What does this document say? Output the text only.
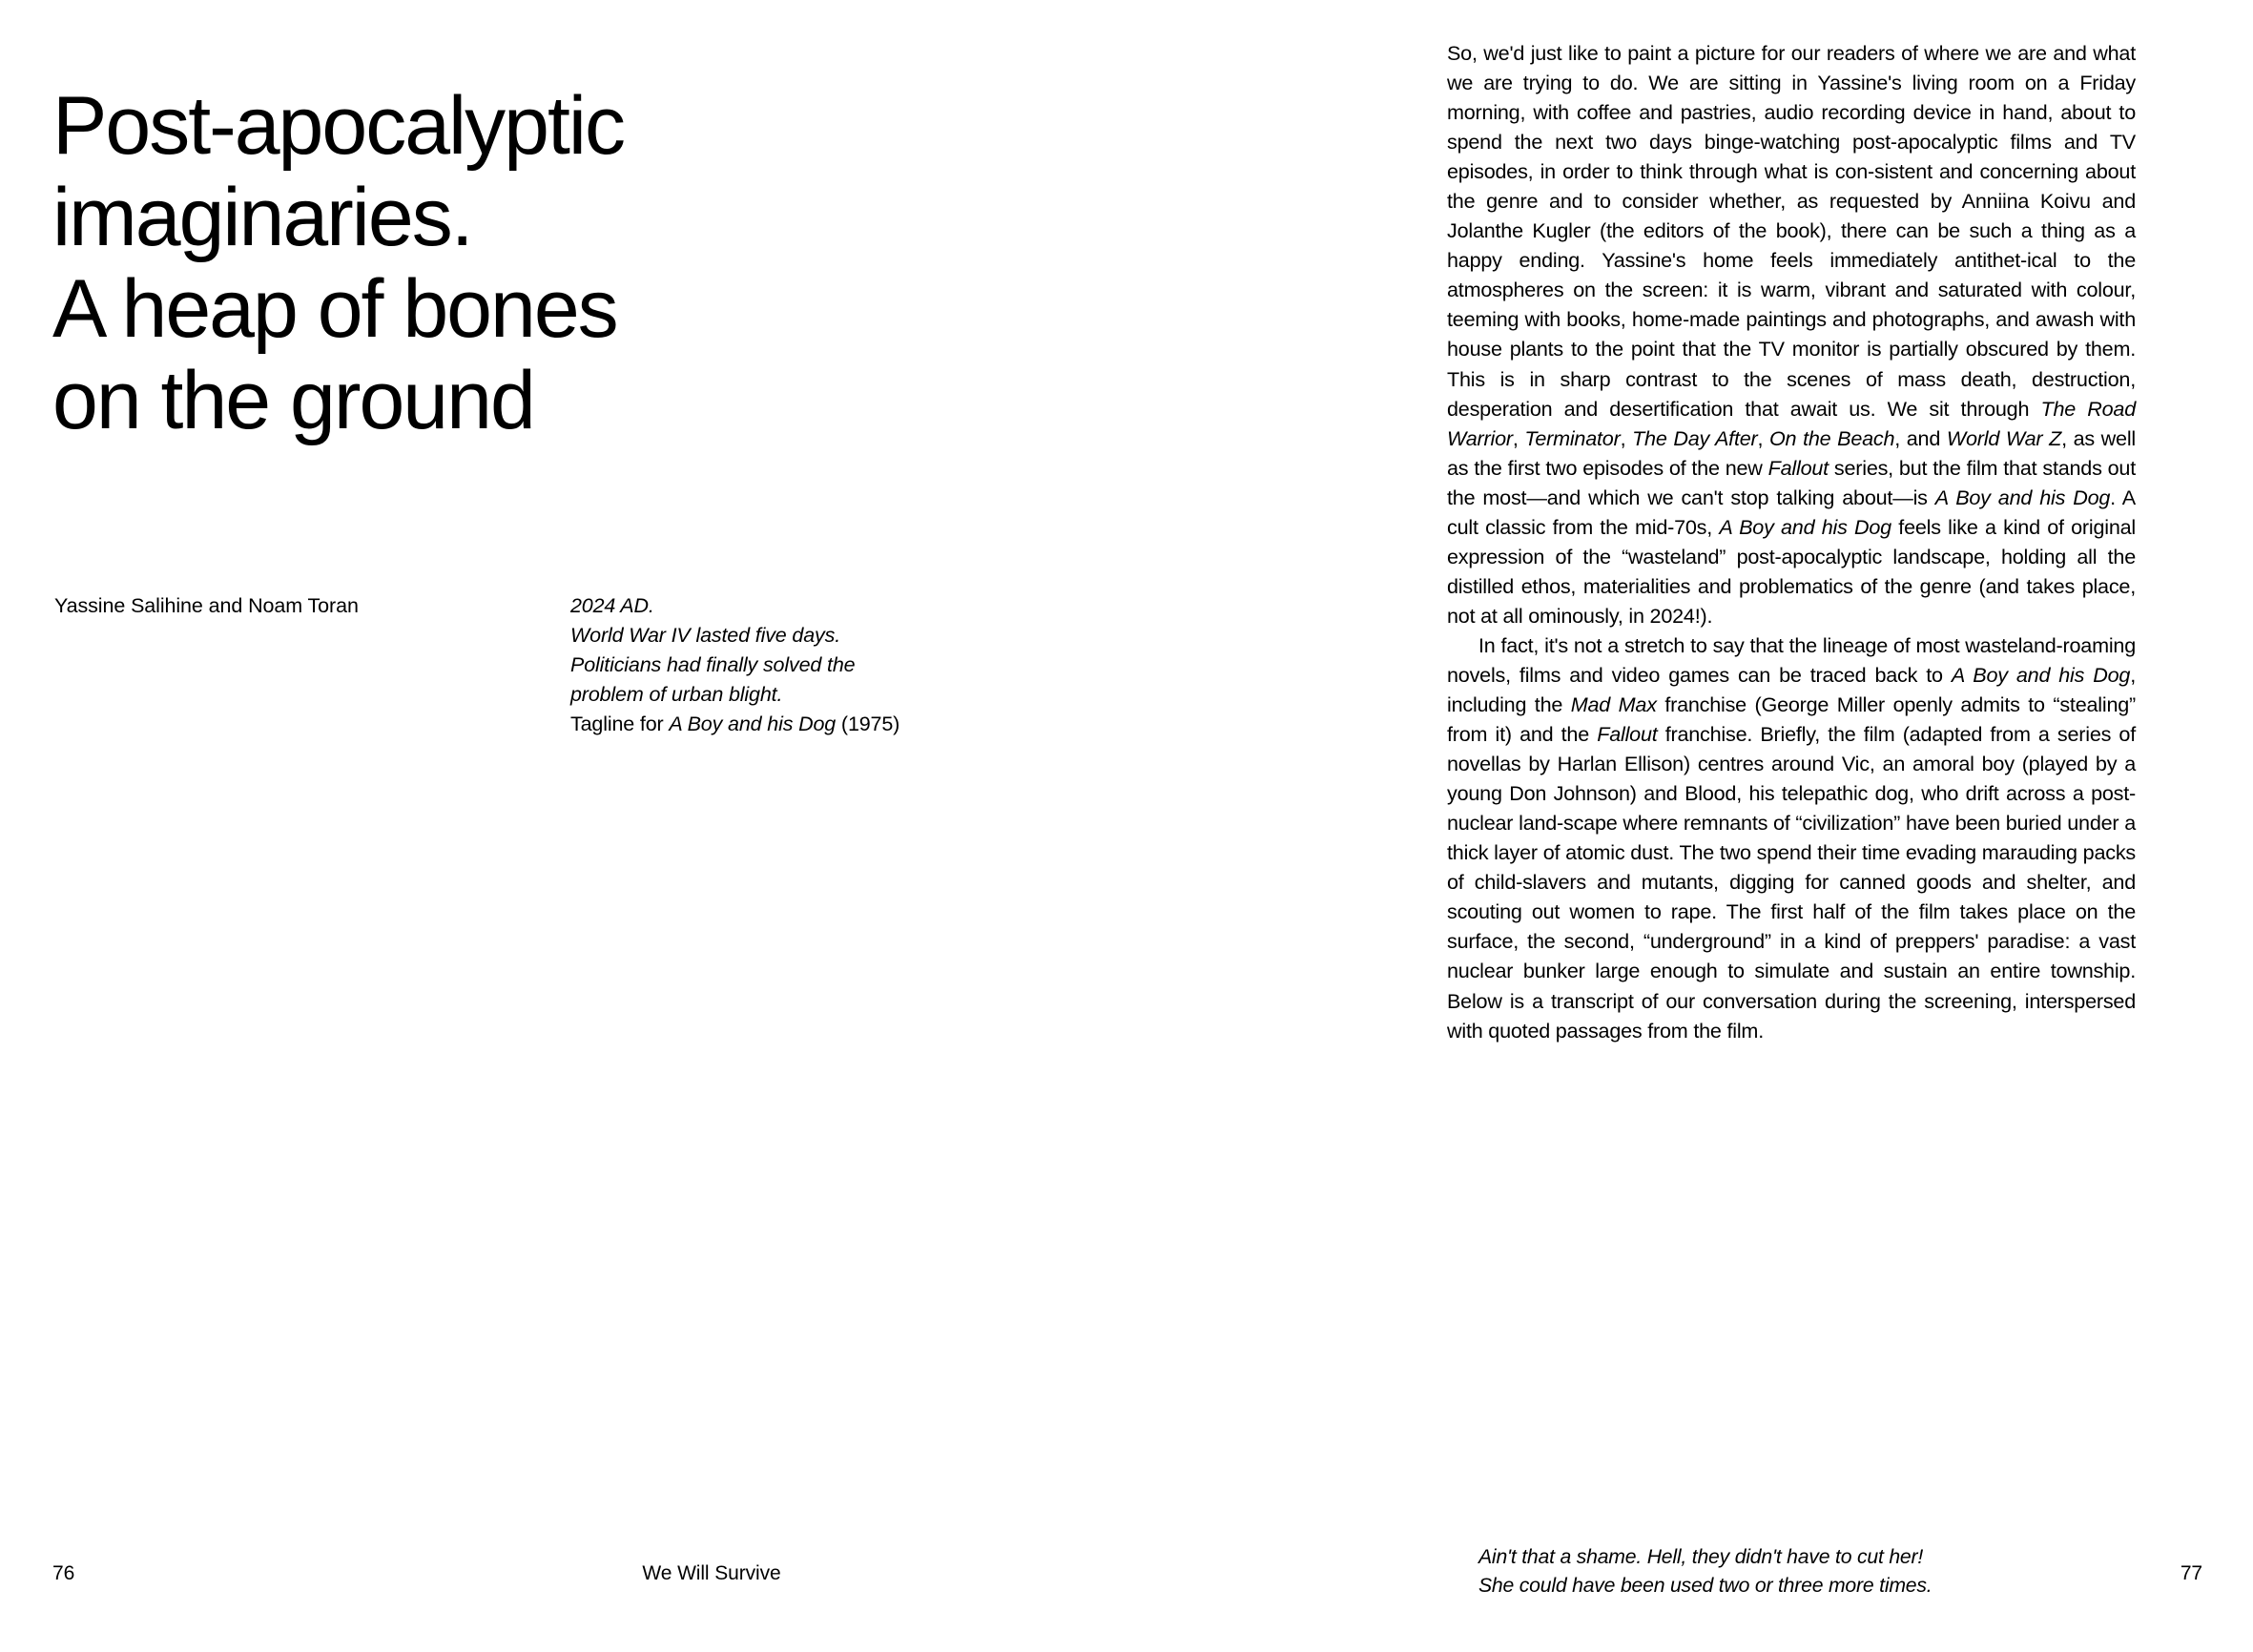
Post-apocalyptic
imaginaries.
A heap of bones
on the ground
Yassine Salihine and Noam Toran	2024 AD.
World War IV lasted five days.
Politicians had finally solved the
problem of urban blight.
Tagline for A Boy and his Dog (1975)
76	We Will Survive

So, we'd just like to paint a picture for our readers of where we are and what we are trying to do. We are sitting in Yassine's living room on a Friday morning, with coffee and pastries, audio recording device in hand, about to spend the next two days binge-watching post-apocalyptic films and TV episodes, in order to think through what is con-sistent and concerning about the genre and to consider whether, as requested by Anniina Koivu and Jolanthe Kugler (the editors of the book), there can be such a thing as a happy ending. Yassine's home feels immediately antithet-ical to the atmospheres on the screen: it is warm, vibrant and saturated with colour, teeming with books, home-made paintings and photographs, and awash with house plants to the point that the TV monitor is partially obscured by them. This is in sharp contrast to the scenes of mass death, destruction, desperation and desertification that await us. We sit through The Road Warrior, Terminator, The Day After, On the Beach, and World War Z, as well as the first two episodes of the new Fallout series, but the film that stands out the most—and which we can't stop talking about—is A Boy and his Dog. A cult classic from the mid-70s, A Boy and his Dog feels like a kind of original expression of the “wasteland” post-apocalyptic landscape, holding all the distilled ethos, materialities and problematics of the genre (and takes place, not at all ominously, in 2024!).

In fact, it's not a stretch to say that the lineage of most wasteland-roaming novels, films and video games can be traced back to A Boy and his Dog, including the Mad Max franchise (George Miller openly admits to “stealing” from it) and the Fallout franchise. Briefly, the film (adapted from a series of novellas by Harlan Ellison) centres around Vic, an amoral boy (played by a young Don Johnson) and Blood, his telepathic dog, who drift across a post-nuclear land-scape where remnants of “civilization” have been buried under a thick layer of atomic dust. The two spend their time evading marauding packs of child-slavers and mutants, digging for canned goods and shelter, and scouting out women to rape. The first half of the film takes place on the surface, the second, “underground” in a kind of preppers' paradise: a vast nuclear bunker large enough to simulate and sustain an entire township. Below is a transcript of our conversation during the screening, interspersed with quoted passages from the film.

Ain't that a shame. Hell, they didn't have to cut her!
She could have been used two or three more times.
77
